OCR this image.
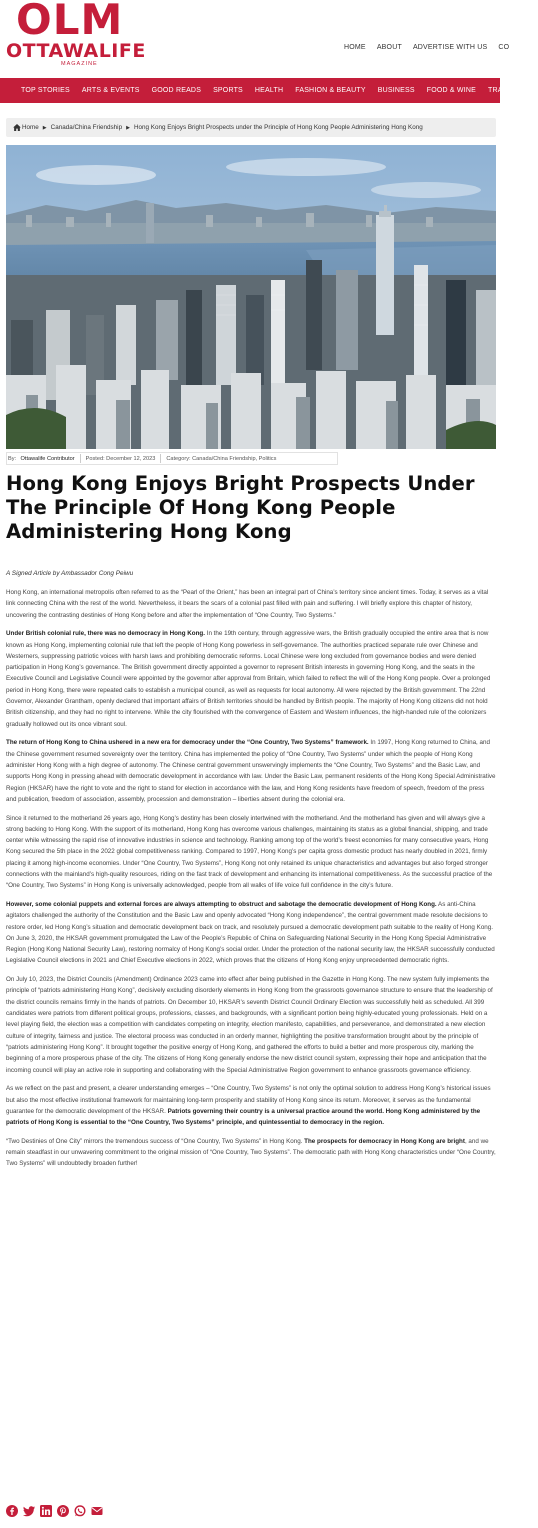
OLM
OTTAWALIFE
MAGAZINE
HOME ABOUT ADVERTISE WITH US CO
TOP STORIES ARTS & EVENTS GOOD READS SPORTS HEALTH FASHION & BEAUTY BUSINESS FOOD & WINE TRAVEL PO
Home ▶ Canada/China Friendship ▶ Hong Kong Enjoys Bright Prospects under the Principle of Hong Kong People Administering Hong Kong
By:
Ottawalife Contributor Posted: December 12, 2023 Category: Canada/China Friendship, Politics
Hong Kong Enjoys Bright Prospects Under The Principle Of Hong Kong People Administering Hong Kong
A Signed Article by Ambassador Cong Peiwu

Hong Kong, an international metropolis often referred to as the “Pearl of the Orient,” has been an integral part of China’s territory since ancient times. Today, it serves as a vital link connecting China with the rest of the world. Nevertheless, it bears the scars of a colonial past filled with pain and suffering. I will briefly explore this chapter of history, uncovering the contrasting destinies of Hong Kong before and after the implementation of “One Country, Two Systems.”

Under British colonial rule, there was no democracy in Hong Kong. In the 19th century, through aggressive wars, the British gradually occupied the entire area that is now known as Hong Kong, implementing colonial rule that left the people of Hong Kong powerless in self-governance. The authorities practiced separate rule over Chinese and Westerners, suppressing patriotic voices with harsh laws and prohibiting democratic reforms. Local Chinese were long excluded from governance bodies and were denied participation in Hong Kong’s governance. The British government directly appointed a governor to represent British interests in governing Hong Kong, and the seats in the Executive Council and Legislative Council were appointed by the governor after approval from Britain, which failed to reflect the will of the Hong Kong people. Over a prolonged period in Hong Kong, there were repeated calls to establish a municipal council, as well as requests for local autonomy. All were rejected by the British government. The 22nd Governor, Alexander Grantham, openly declared that important affairs of British territories should be handled by British people. The majority of Hong Kong citizens did not hold British citizenship, and they had no right to intervene. While the city flourished with the convergence of Eastern and Western influences, the high-handed rule of the colonizers gradually hollowed out its once vibrant soul.

The return of Hong Kong to China ushered in a new era for democracy under the “One Country, Two Systems” framework. In 1997, Hong Kong returned to China, and the Chinese government resumed sovereignty over the territory. China has implemented the policy of “One Country, Two Systems” under which the people of Hong Kong administer Hong Kong with a high degree of autonomy. The Chinese central government unswervingly implements the “One Country, Two Systems” and the Basic Law, and supports Hong Kong in pressing ahead with democratic development in accordance with law. Under the Basic Law, permanent residents of the Hong Kong Special Administrative Region (HKSAR) have the right to vote and the right to stand for election in accordance with the law, and Hong Kong residents have freedom of speech, freedom of the press and publication, freedom of association, assembly, procession and demonstration – liberties absent during the colonial era.

Since it returned to the motherland 26 years ago, Hong Kong’s destiny has been closely intertwined with the motherland. And the motherland has given and will always give a strong backing to Hong Kong. With the support of its motherland, Hong Kong has overcome various challenges, maintaining its status as a global financial, shipping, and trade center while witnessing the rapid rise of innovative industries in science and technology. Ranking among top of the world’s freest economies for many consecutive years, Hong Kong secured the 5th place in the 2022 global competitiveness ranking. Compared to 1997, Hong Kong’s per capita gross domestic product has nearly doubled in 2021, firmly placing it among high-income economies. Under “One Country, Two Systems”, Hong Kong not only retained its unique characteristics and advantages but also forged stronger connections with the mainland’s high-quality resources, riding on the fast track of development and enhancing its international competitiveness. As the successful practice of the “One Country, Two Systems” in Hong Kong is universally acknowledged, people from all walks of life voice full confidence in the city’s future.

However, some colonial puppets and external forces are always attempting to obstruct and sabotage the democratic development of Hong Kong. As anti-China agitators challenged the authority of the Constitution and the Basic Law and openly advocated “Hong Kong independence”, the central government made resolute decisions to restore order, led Hong Kong’s situation and democratic development back on track, and resolutely pursued a democratic development path suitable to the reality of Hong Kong. On June 3, 2020, the HKSAR government promulgated the Law of the People’s Republic of China on Safeguarding National Security in the Hong Kong Special Administrative Region (Hong Kong National Security Law), restoring normalcy of Hong Kong’s social order. Under the protection of the national security law, the HKSAR successfully conducted Legislative Council elections in 2021 and Chief Executive elections in 2022, which proves that the citizens of Hong Kong enjoy unprecedented democratic rights.

On July 10, 2023, the District Councils (Amendment) Ordinance 2023 came into effect after being published in the Gazette in Hong Kong. The new system fully implements the principle of “patriots administering Hong Kong”, decisively excluding disorderly elements in Hong Kong from the grassroots governance structure to ensure that the leadership of the district councils remains firmly in the hands of patriots. On December 10, HKSAR’s seventh District Council Ordinary Election was successfully held as scheduled. All 399 candidates were patriots from different political groups, professions, classes, and backgrounds, with a significant portion being highly-educated young professionals. Held on a level playing field, the election was a competition with candidates competing on integrity, election manifesto, capabilities, and perseverance, and demonstrated a new election culture of integrity, fairness and justice. The electoral process was conducted in an orderly manner, highlighting the positive transformation brought about by the principle of “patriots administering Hong Kong”. It brought together the positive energy of Hong Kong, and gathered the efforts to build a better and more prosperous city, marking the beginning of a more prosperous phase of the city. The citizens of Hong Kong generally endorse the new district council system, expressing their hope and anticipation that the incoming council will play an active role in supporting and collaborating with the Special Administrative Region government to enhance grassroots governance efficiency.

As we reflect on the past and present, a clearer understanding emerges – “One Country, Two Systems” is not only the optimal solution to address Hong Kong’s historical issues but also the most effective institutional framework for maintaining long-term prosperity and stability of Hong Kong since its return. Moreover, it serves as the fundamental guarantee for the democratic development of the HKSAR. Patriots governing their country is a universal practice around the world. Hong Kong administered by the patriots of Hong Kong is essential to the “One Country, Two Systems” principle, and quintessential to democracy in the region.

“Two Destinies of One City” mirrors the tremendous success of “One Country, Two Systems” in Hong Kong. The prospects for democracy in Hong Kong are bright, and we remain steadfast in our unwavering commitment to the original mission of “One Country, Two Systems”. The democratic path with Hong Kong characteristics under “One Country, Two Systems” will undoubtedly broaden further!
